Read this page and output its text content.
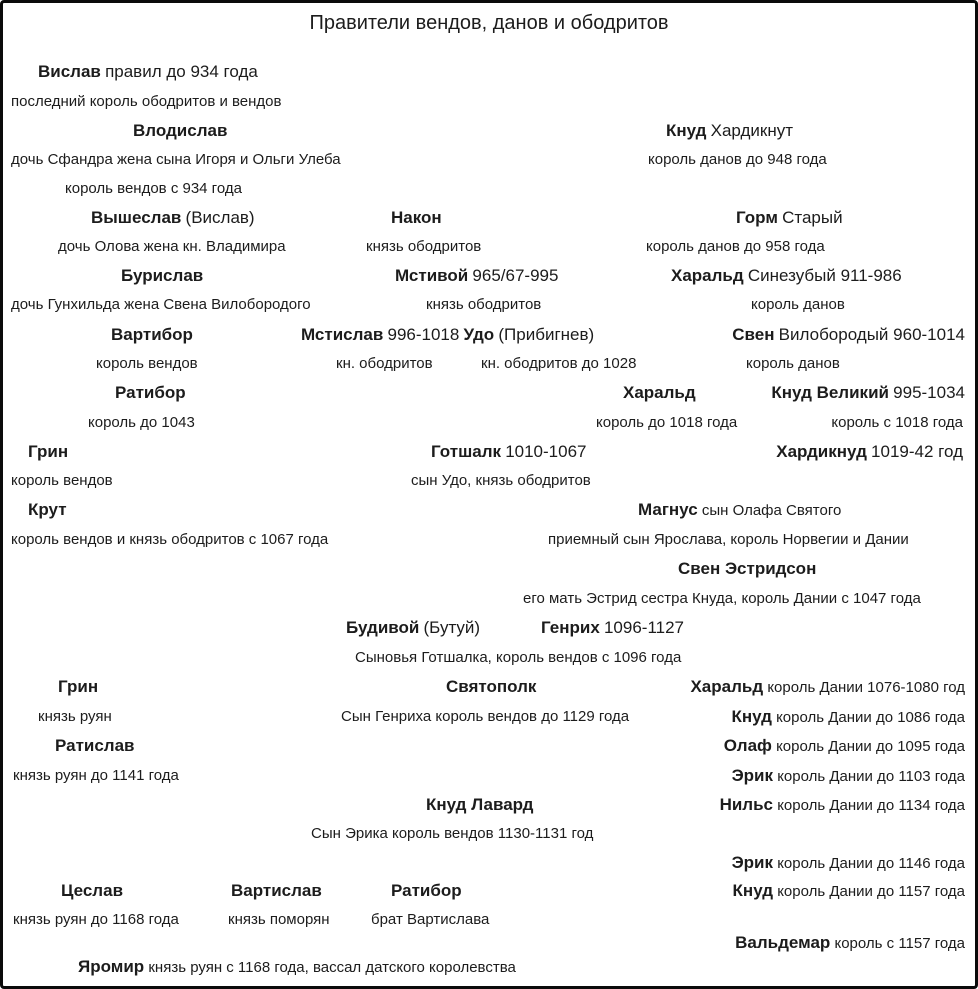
Правители вендов, данов и ободритов
Вислав правил до 934 года
последний король ободритов и вендов
Влодислав	Кнуд Хардикнут
дочь Сфандра жена сына Игоря и Ольги Улеба	король данов до 948 года
король вендов с 934 года
Вышеслав (Вислав)	Након	Горм Старый
дочь Олова жена кн. Владимира	князь ободритов	король данов до 958 года
Бурислав	Мстивой 965/67-995	Харальд Синезубый 911-986
дочь Гунхильда жена Свена Вилобородого	князь ободритов	король данов
Вартибор	Мстислав 996-1018 Удо (Прибигнев)	Свен Вилобородый 960-1014
король вендов	кн. ободритов	кн. ободритов до 1028	король данов
Ратибор	Харальд	Кнуд Великий 995-1034
король до 1043	король до 1018 года	король с 1018 года
Грин	Готшалк 1010-1067	Хардикнуд 1019-42 год
король вендов	сын Удо, князь ободритов
Крут	Магнус сын Олафа Святого
король вендов и князь ободритов с 1067 года	приемный сын Ярослава, король Норвегии и Дании
Свен Эстридсон
его мать Эстрид сестра Кнуда, король Дании с 1047 года
Будивой (Бутуй)	Генрих 1096-1127
Сыновья Готшалка, король вендов с 1096 года
Грин	Святополк	Харальд король Дании 1076-1080 год
князь руян	Сын Генриха король вендов до 1129 года	Кнуд король Дании до 1086 года
Ратислав	Олаф король Дании до 1095 года
князь руян до 1141 года	Эрик король Дании до 1103 года
Кнуд Лавард	Нильс король Дании до 1134 года
Сын Эрика король вендов 1130-1131 год
Эрик король Дании до 1146 года
Цеслав	Вартислав	Ратибор	Кнуд король Дании до 1157 года
князь руян до 1168 года	князь поморян	брат Вартислава
Вальдемар король с 1157 года
Яромир князь руян с 1168 года, вассал датского королевства
